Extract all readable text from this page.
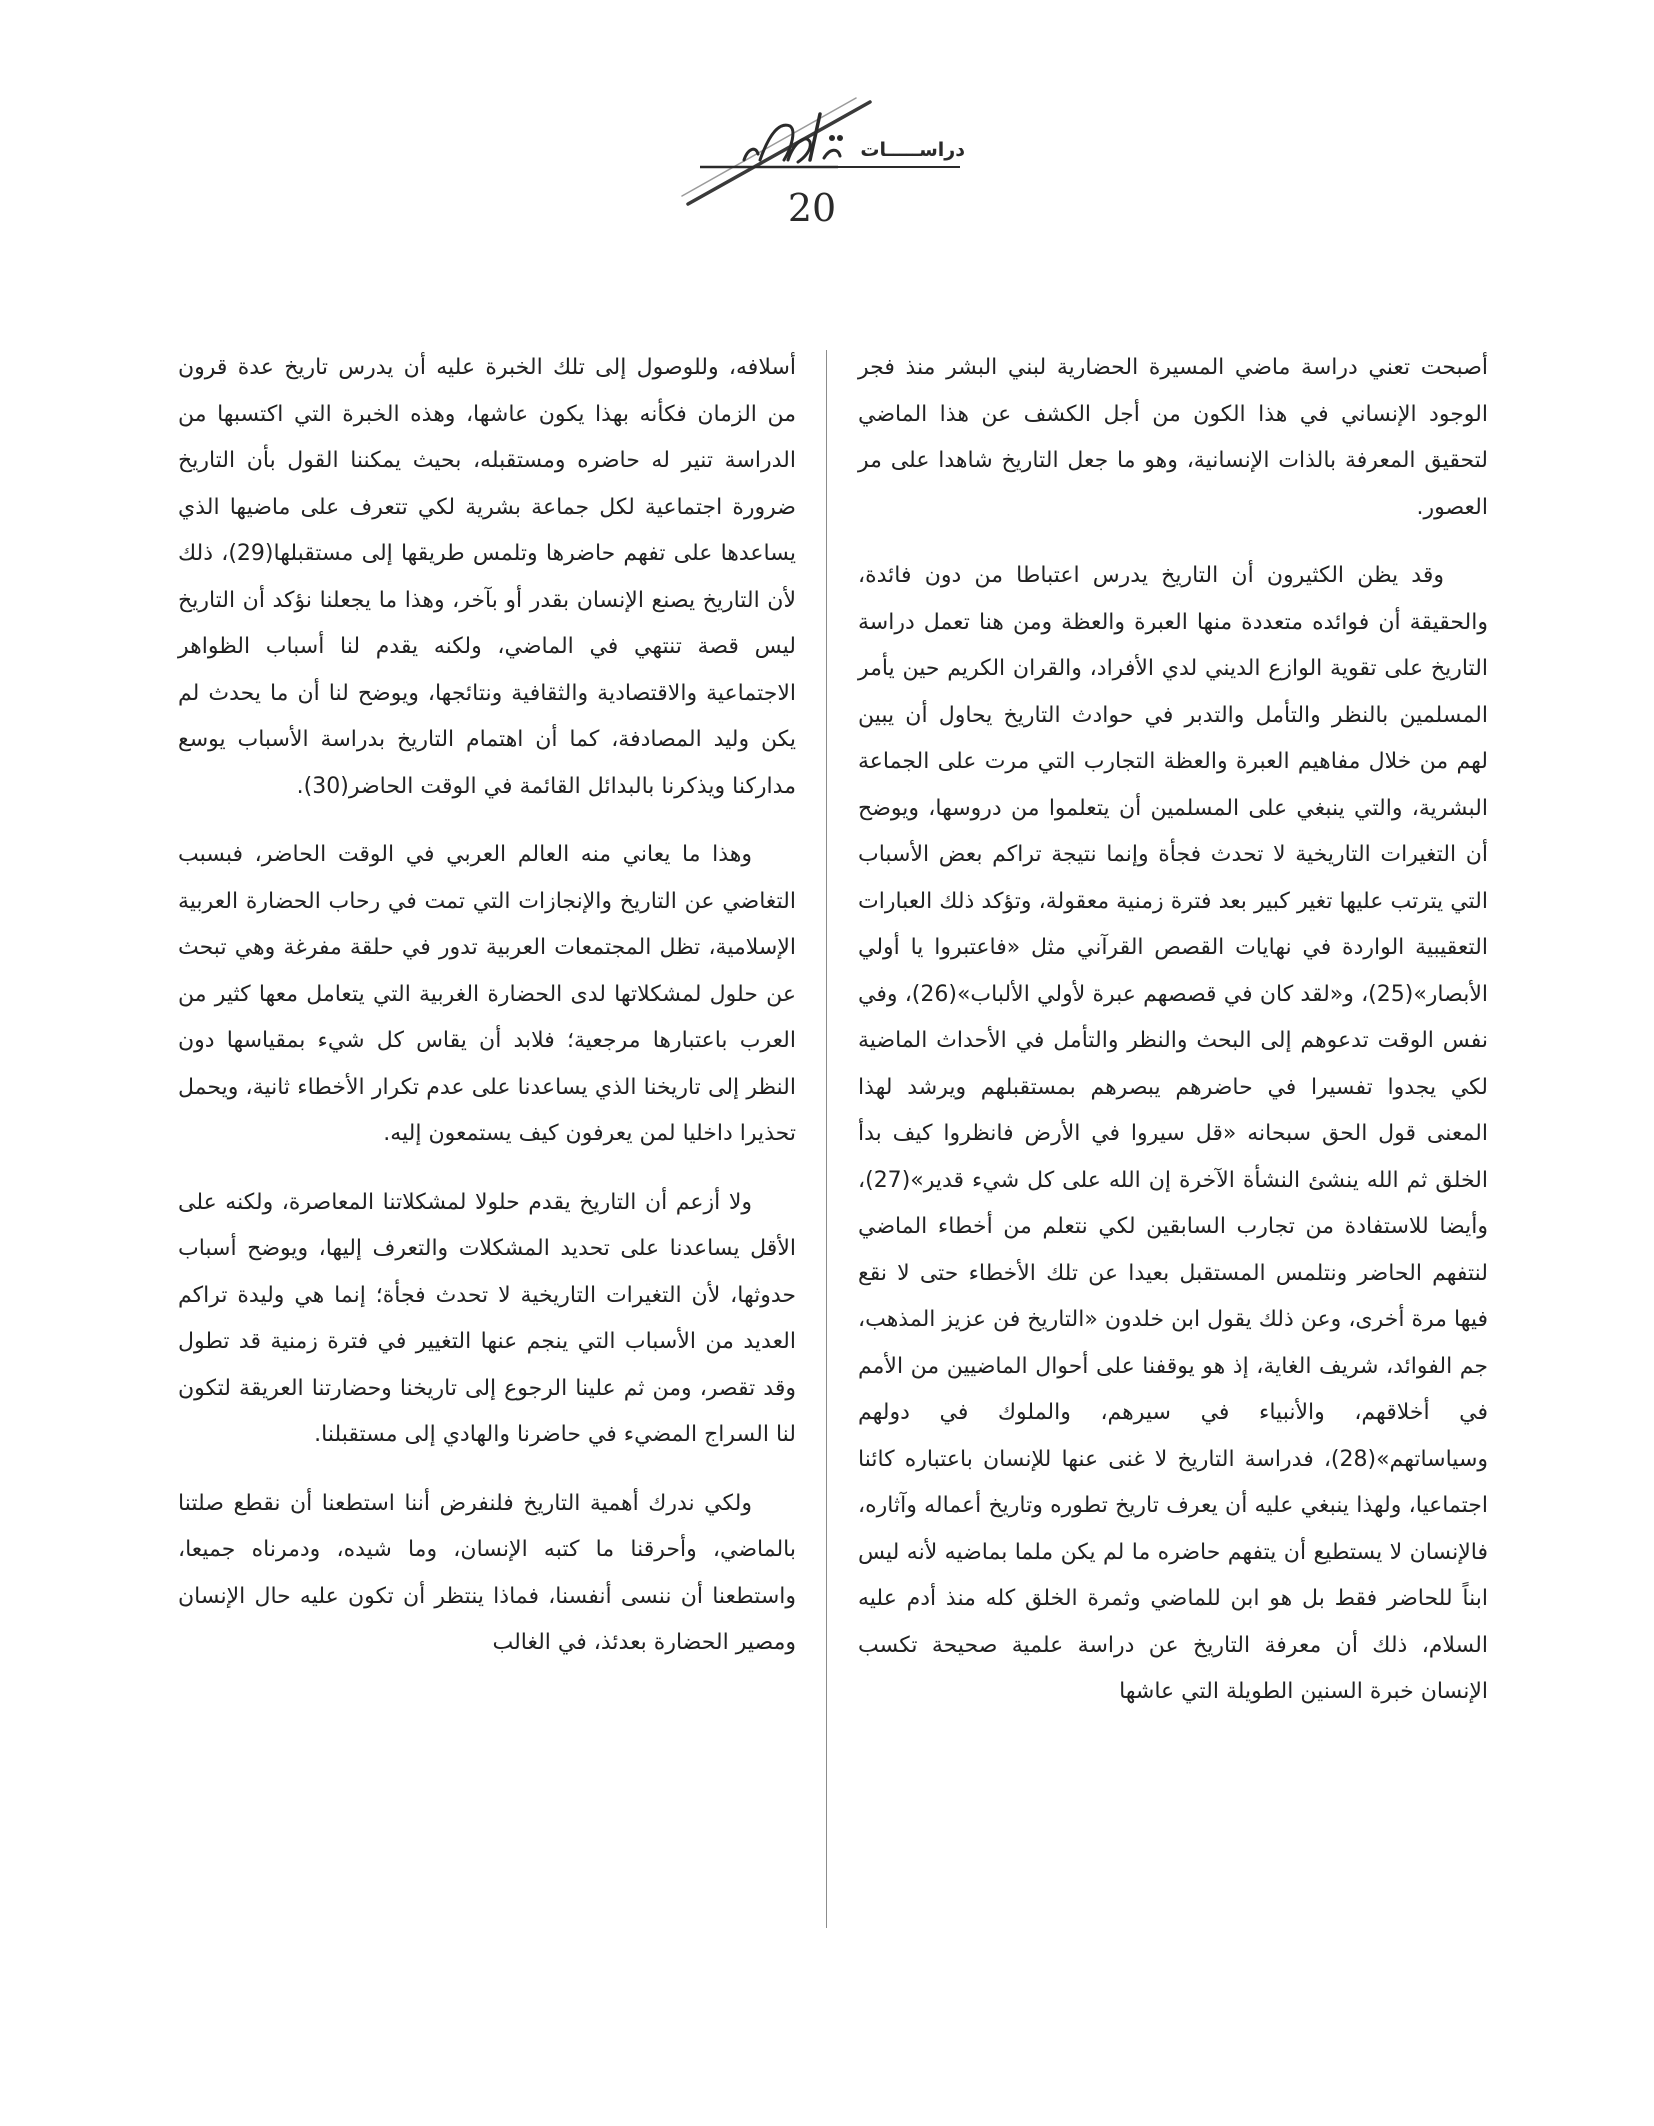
دراســـــات
20

أصبحت تعني دراسة ماضي المسيرة الحضارية لبني البشر منذ فجر الوجود الإنساني في هذا الكون من أجل الكشف عن هذا الماضي لتحقيق المعرفة بالذات الإنسانية، وهو ما جعل التاريخ شاهدا على مر العصور.

وقد يظن الكثيرون أن التاريخ يدرس اعتباطا من دون فائدة، والحقيقة أن فوائده متعددة منها العبرة والعظة ومن هنا تعمل دراسة التاريخ على تقوية الوازع الديني لدي الأفراد، والقران الكريم حين يأمر المسلمين بالنظر والتأمل والتدبر في حوادث التاريخ يحاول أن يبين لهم من خلال مفاهيم العبرة والعظة التجارب التي مرت على الجماعة البشرية، والتي ينبغي على المسلمين أن يتعلموا من دروسها، ويوضح أن التغيرات التاريخية لا تحدث فجأة وإنما نتيجة تراكم بعض الأسباب التي يترتب عليها تغير كبير بعد فترة زمنية معقولة، وتؤكد ذلك العبارات التعقيبية الواردة في نهايات القصص القرآني مثل «فاعتبروا يا أولي الأبصار»(25)، و«لقد كان في قصصهم عبرة لأولي الألباب»(26)، وفي نفس الوقت تدعوهم إلى البحث والنظر والتأمل في الأحداث الماضية لكي يجدوا تفسيرا في حاضرهم يبصرهم بمستقبلهم ويرشد لهذا المعنى قول الحق سبحانه «قل سيروا في الأرض فانظروا كيف بدأ الخلق ثم الله ينشئ النشأة الآخرة إن الله على كل شيء قدير»(27)، وأيضا للاستفادة من تجارب السابقين لكي نتعلم من أخطاء الماضي لنتفهم الحاضر ونتلمس المستقبل بعيدا عن تلك الأخطاء حتى لا نقع فيها مرة أخرى، وعن ذلك يقول ابن خلدون «التاريخ فن عزيز المذهب، جم الفوائد، شريف الغاية، إذ هو يوقفنا على أحوال الماضيين من الأمم في أخلاقهم، والأنبياء في سيرهم، والملوك في دولهم وسياساتهم»(28)، فدراسة التاريخ لا غنى عنها للإنسان باعتباره كائنا اجتماعيا، ولهذا ينبغي عليه أن يعرف تاريخ تطوره وتاريخ أعماله وآثاره، فالإنسان لا يستطيع أن يتفهم حاضره ما لم يكن ملما بماضيه لأنه ليس ابناً للحاضر فقط بل هو ابن للماضي وثمرة الخلق كله منذ أدم عليه السلام، ذلك أن معرفة التاريخ عن دراسة علمية صحيحة تكسب الإنسان خبرة السنين الطويلة التي عاشها

أسلافه، وللوصول إلى تلك الخبرة عليه أن يدرس تاريخ عدة قرون من الزمان فكأنه بهذا يكون عاشها، وهذه الخبرة التي اكتسبها من الدراسة تنير له حاضره ومستقبله، بحيث يمكننا القول بأن التاريخ ضرورة اجتماعية لكل جماعة بشرية لكي تتعرف على ماضيها الذي يساعدها على تفهم حاضرها وتلمس طريقها إلى مستقبلها(29)، ذلك لأن التاريخ يصنع الإنسان بقدر أو بآخر، وهذا ما يجعلنا نؤكد أن التاريخ ليس قصة تنتهي في الماضي، ولكنه يقدم لنا أسباب الظواهر الاجتماعية والاقتصادية والثقافية ونتائجها، ويوضح لنا أن ما يحدث لم يكن وليد المصادفة، كما أن اهتمام التاريخ بدراسة الأسباب يوسع مداركنا ويذكرنا بالبدائل القائمة في الوقت الحاضر(30).

وهذا ما يعاني منه العالم العربي في الوقت الحاضر، فبسبب التغاضي عن التاريخ والإنجازات التي تمت في رحاب الحضارة العربية الإسلامية، تظل المجتمعات العربية تدور في حلقة مفرغة وهي تبحث عن حلول لمشكلاتها لدى الحضارة الغربية التي يتعامل معها كثير من العرب باعتبارها مرجعية؛ فلابد أن يقاس كل شيء بمقياسها دون النظر إلى تاريخنا الذي يساعدنا على عدم تكرار الأخطاء ثانية، ويحمل تحذيرا داخليا لمن يعرفون كيف يستمعون إليه.

ولا أزعم أن التاريخ يقدم حلولا لمشكلاتنا المعاصرة، ولكنه على الأقل يساعدنا على تحديد المشكلات والتعرف إليها، ويوضح أسباب حدوثها، لأن التغيرات التاريخية لا تحدث فجأة؛ إنما هي وليدة تراكم العديد من الأسباب التي ينجم عنها التغيير في فترة زمنية قد تطول وقد تقصر، ومن ثم علينا الرجوع إلى تاريخنا وحضارتنا العريقة لتكون لنا السراج المضيء في حاضرنا والهادي إلى مستقبلنا.

ولكي ندرك أهمية التاريخ فلنفرض أننا استطعنا أن نقطع صلتنا بالماضي، وأحرقنا ما كتبه الإنسان، وما شيده، ودمرناه جميعا، واستطعنا أن ننسى أنفسنا، فماذا ينتظر أن تكون عليه حال الإنسان ومصير الحضارة بعدئذ، في الغالب
